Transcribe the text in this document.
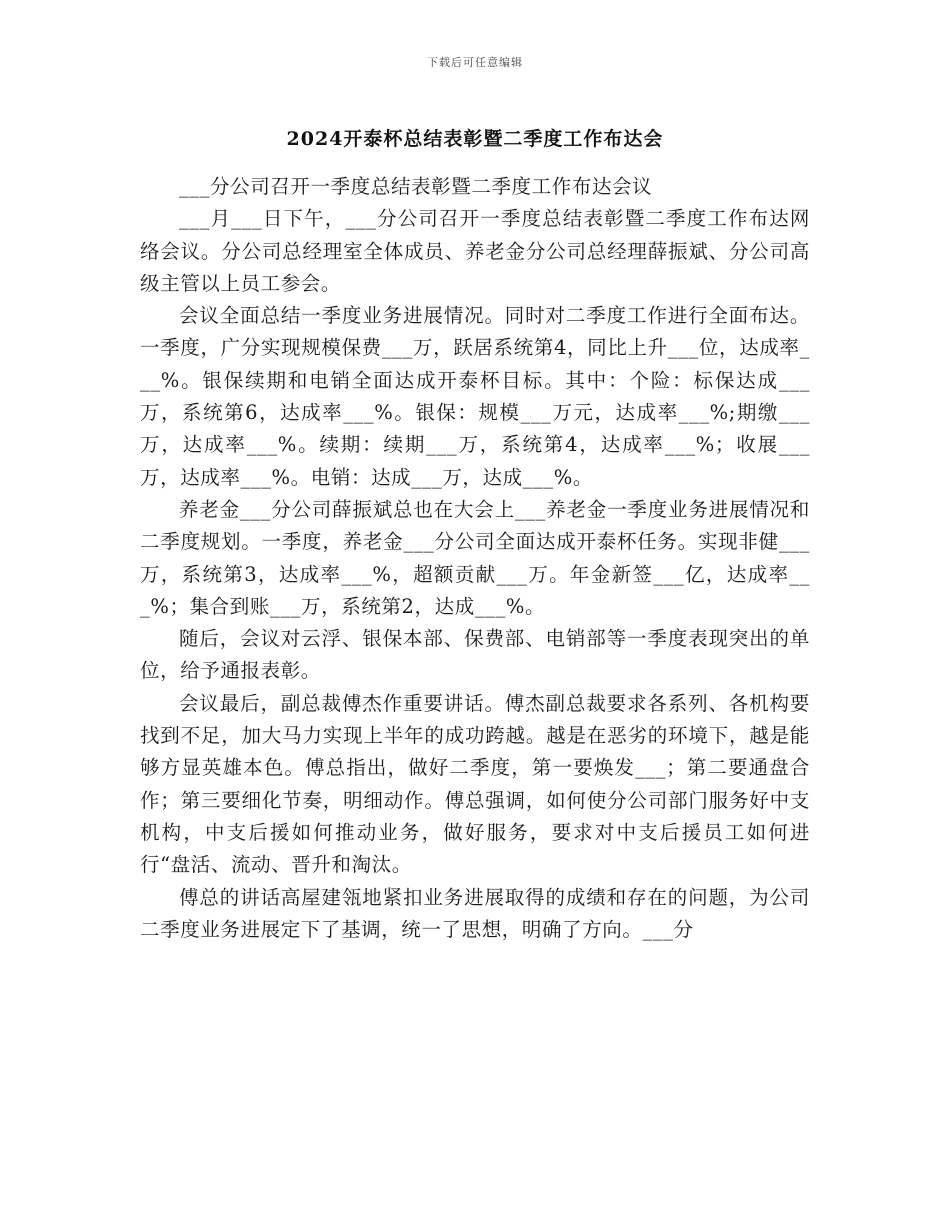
下载后可任意编辑
2024开泰杯总结表彰暨二季度工作布达会

___分公司召开一季度总结表彰暨二季度工作布达会议

___月___日下午，___分公司召开一季度总结表彰暨二季度工作布达网络会议。分公司总经理室全体成员、养老金分公司总经理薛振斌、分公司高级主管以上员工参会。

会议全面总结一季度业务进展情况。同时对二季度工作进行全面布达。一季度，广分实现规模保费___万，跃居系统第4，同比上升___位，达成率___%。银保续期和电销全面达成开泰杯目标。其中：个险：标保达成___万，系统第6，达成率___%。银保：规模___万元，达成率___%;期缴___万，达成率___%。续期：续期___万，系统第4，达成率___%；收展___万，达成率___%。电销：达成___万，达成___%。

养老金___分公司薛振斌总也在大会上___养老金一季度业务进展情况和二季度规划。一季度，养老金___分公司全面达成开泰杯任务。实现非健___万，系统第3，达成率___%，超额贡献___万。年金新签___亿，达成率___%；集合到账___万，系统第2，达成___%。

随后，会议对云浮、银保本部、保费部、电销部等一季度表现突出的单位，给予通报表彰。

会议最后，副总裁傅杰作重要讲话。傅杰副总裁要求各系列、各机构要找到不足，加大马力实现上半年的成功跨越。越是在恶劣的环境下，越是能够方显英雄本色。傅总指出，做好二季度，第一要焕发___；第二要通盘合作；第三要细化节奏，明细动作。傅总强调，如何使分公司部门服务好中支机构，中支后援如何推动业务，做好服务，要求对中支后援员工如何进行“盘活、流动、晋升和淘汰。

傅总的讲话高屋建瓴地紧扣业务进展取得的成绩和存在的问题，为公司二季度业务进展定下了基调，统一了思想，明确了方向。___分
